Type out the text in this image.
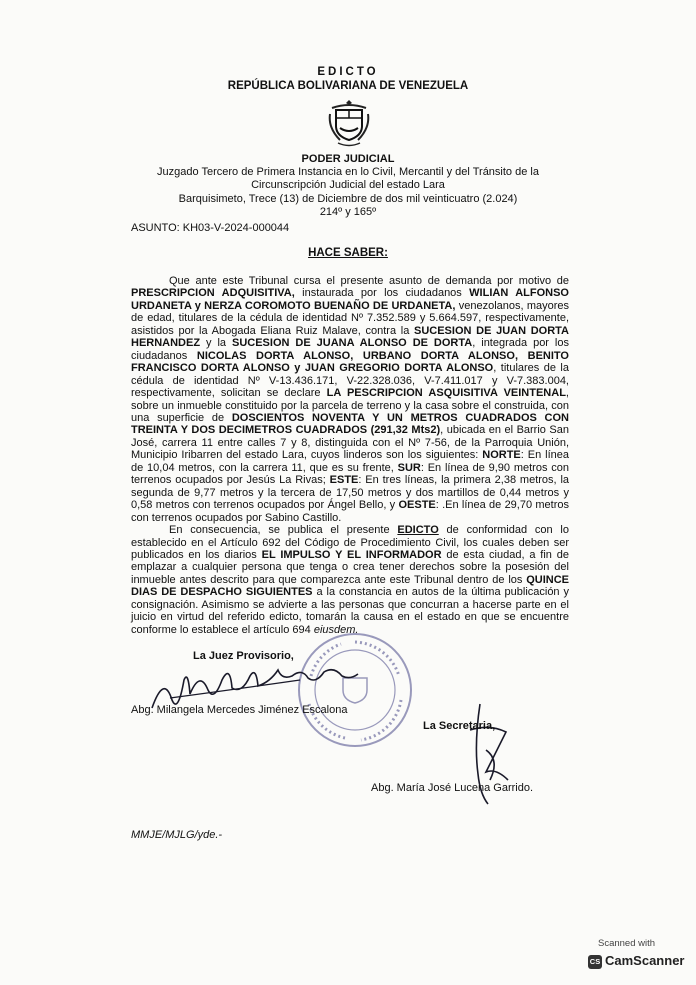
EDICTO
REPÚBLICA BOLIVARIANA DE VENEZUELA
PODER JUDICIAL
Juzgado Tercero de Primera Instancia en lo Civil, Mercantil y del Tránsito de la
Circunscripción Judicial del estado Lara
Barquisimeto, Trece (13) de Diciembre de dos mil veinticuatro (2.024)
214º y 165º
ASUNTO: KH03-V-2024-000044
HACE SABER:

Que ante este Tribunal cursa el presente asunto de demanda por motivo de PRESCRIPCION ADQUISITIVA, instaurada por los ciudadanos WILIAN ALFONSO URDANETA y NERZA COROMOTO BUENAÑO DE URDANETA, venezolanos, mayores de edad, titulares de la cédula de identidad Nº 7.352.589 y 5.664.597, respectivamente, asistidos por la Abogada Eliana Ruiz Malave, contra la SUCESION DE JUAN DORTA HERNANDEZ y la SUCESION DE JUANA ALONSO DE DORTA, integrada por los ciudadanos NICOLAS DORTA ALONSO, URBANO DORTA ALONSO, BENITO FRANCISCO DORTA ALONSO y JUAN GREGORIO DORTA ALONSO, titulares de la cédula de identidad Nº V-13.436.171, V-22.328.036, V-7.411.017 y V-7.383.004, respectivamente, solicitan se declare LA PESCRIPCION ASQUISITIVA VEINTENAL, sobre un inmueble constituido por la parcela de terreno y la casa sobre el construida, con una superficie de DOSCIENTOS NOVENTA Y UN METROS CUADRADOS CON TREINTA Y DOS DECIMETROS CUADRADOS (291,32 Mts2), ubicada en el Barrio San José, carrera 11 entre calles 7 y 8, distinguida con el Nº 7-56, de la Parroquia Unión, Municipio Iribarren del estado Lara, cuyos linderos son los siguientes: NORTE: En línea de 10,04 metros, con la carrera 11, que es su frente, SUR: En línea de 9,90 metros con terrenos ocupados por Jesús La Rivas; ESTE: En tres líneas, la primera 2,38 metros, la segunda de 9,77 metros y la tercera de 17,50 metros y dos martillos de 0,44 metros y 0,58 metros con terrenos ocupados por Ángel Bello, y OESTE: .En línea de 29,70 metros con terrenos ocupados por Sabino Castillo.

En consecuencia, se publica el presente EDICTO de conformidad con lo establecido en el Artículo 692 del Código de Procedimiento Civil, los cuales deben ser publicados en los diarios EL IMPULSO Y EL INFORMADOR de esta ciudad, a fin de emplazar a cualquier persona que tenga o crea tener derechos sobre la posesión del inmueble antes descrito para que comparezca ante este Tribunal dentro de los QUINCE DIAS DE DESPACHO SIGUIENTES a la constancia en autos de la última publicación y consignación. Asimismo se advierte a las personas que concurran a hacerse parte en el juicio en virtud del referido edicto, tomarán la causa en el estado en que se encuentre conforme lo establece el artículo 694 eiusdem.

La Juez Provisorio,
Abg. Milangela Mercedes Jiménez Escalona
La Secretaria,
Abg. María José Lucena Garrido.
MMJE/MJLG/yde.-
Scanned with
CS CamScanner
